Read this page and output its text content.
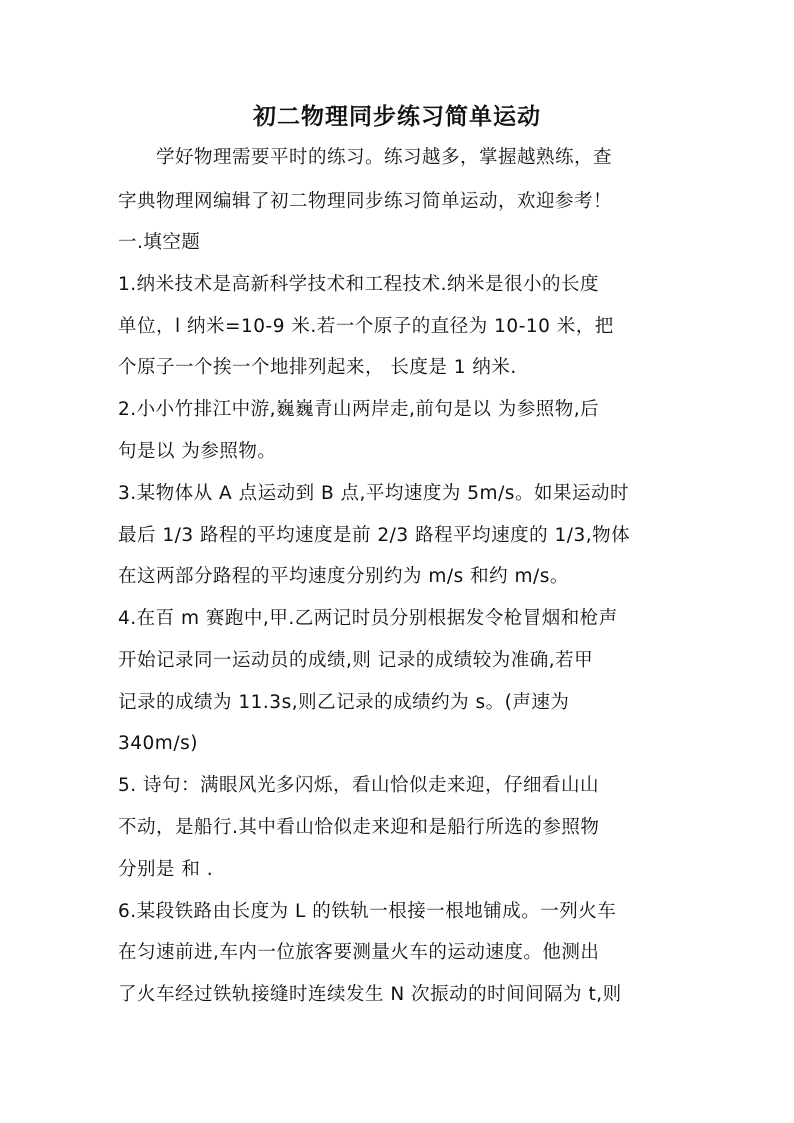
初二物理同步练习简单运动
　　学好物理需要平时的练习。练习越多，掌握越熟练，查
字典物理网编辑了初二物理同步练习简单运动，欢迎参考！
一.填空题
1.纳米技术是高新科学技术和工程技术.纳米是很小的长度
单位，l 纳米=10-9 米.若一个原子的直径为 10-10 米，把
个原子一个挨一个地排列起来， 长度是 1 纳米.
2.小小竹排江中游,巍巍青山两岸走,前句是以 为参照物,后
句是以 为参照物。
3.某物体从 A 点运动到 B 点,平均速度为 5m/s。如果运动时
最后 1/3 路程的平均速度是前 2/3 路程平均速度的 1/3,物体
在这两部分路程的平均速度分别约为 m/s 和约 m/s。
4.在百 m 赛跑中,甲.乙两记时员分别根据发令枪冒烟和枪声
开始记录同一运动员的成绩,则 记录的成绩较为准确,若甲
记录的成绩为 11.3s,则乙记录的成绩约为 s。(声速为
340m/s)
5. 诗句：满眼风光多闪烁，看山恰似走来迎，仔细看山山
不动，是船行.其中看山恰似走来迎和是船行所选的参照物
分别是 和 .
6.某段铁路由长度为 L 的铁轨一根接一根地铺成。一列火车
在匀速前进,车内一位旅客要测量火车的运动速度。他测出
了火车经过铁轨接缝时连续发生 N 次振动的时间间隔为 t,则
